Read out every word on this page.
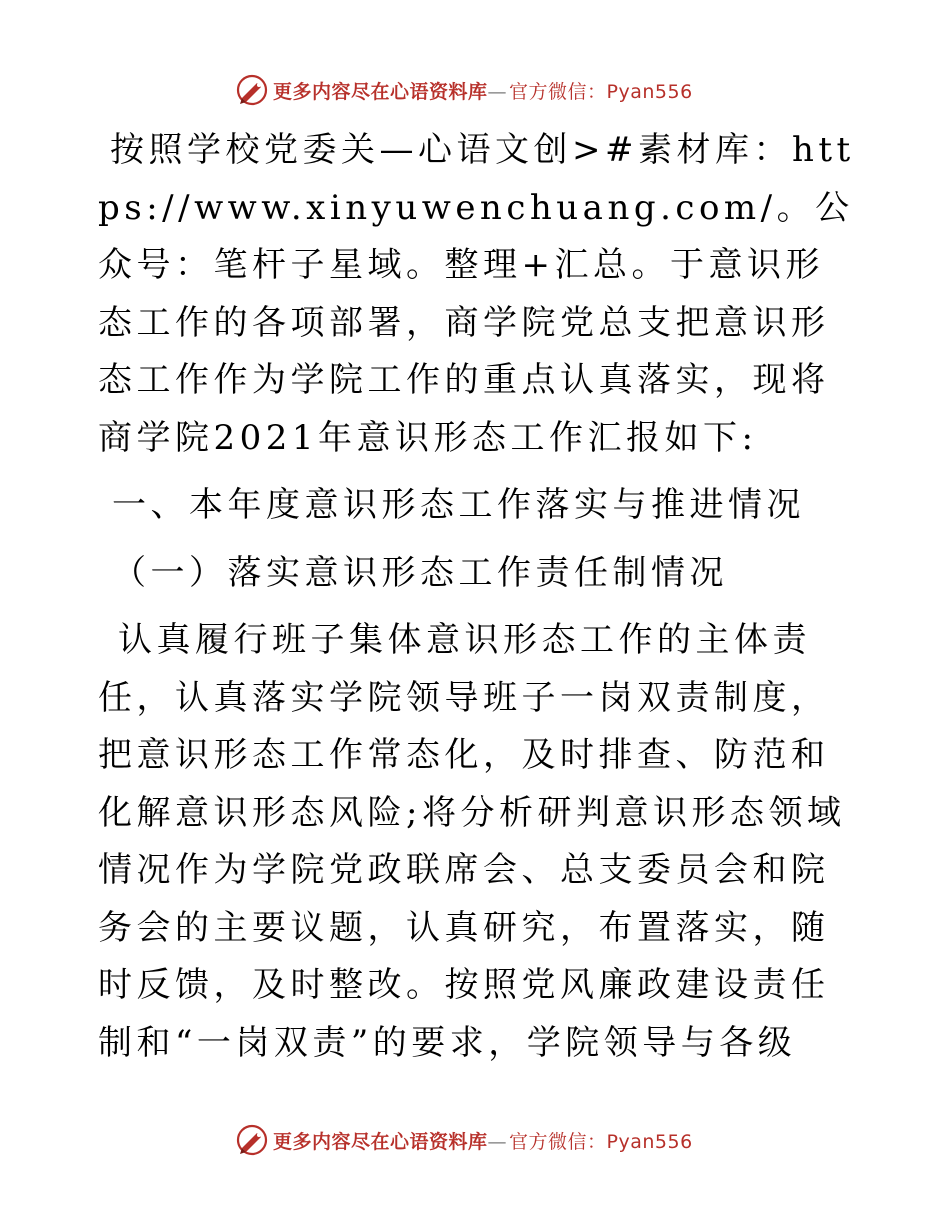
更多内容尽在心语资料库— 官方微信：Pyan556

按照学校党委关—心语文创>#素材库：https://www.xinyuwenchuang.com/。公众号：笔杆子星域。整理+汇总。于意识形态工作的各项部署，商学院党总支把意识形态工作作为学院工作的重点认真落实，现将商学院2021年意识形态工作汇报如下:

一、本年度意识形态工作落实与推进情况

（一）落实意识形态工作责任制情况

认真履行班子集体意识形态工作的主体责任，认真落实学院领导班子一岗双责制度，把意识形态工作常态化，及时排查、防范和化解意识形态风险;将分析研判意识形态领域情况作为学院党政联席会、总支委员会和院务会的主要议题，认真研究，布置落实，随时反馈，及时整改。按照党风廉政建设责任制和“一岗双责”的要求，学院领导与各级

更多内容尽在心语资料库— 官方微信：Pyan556
